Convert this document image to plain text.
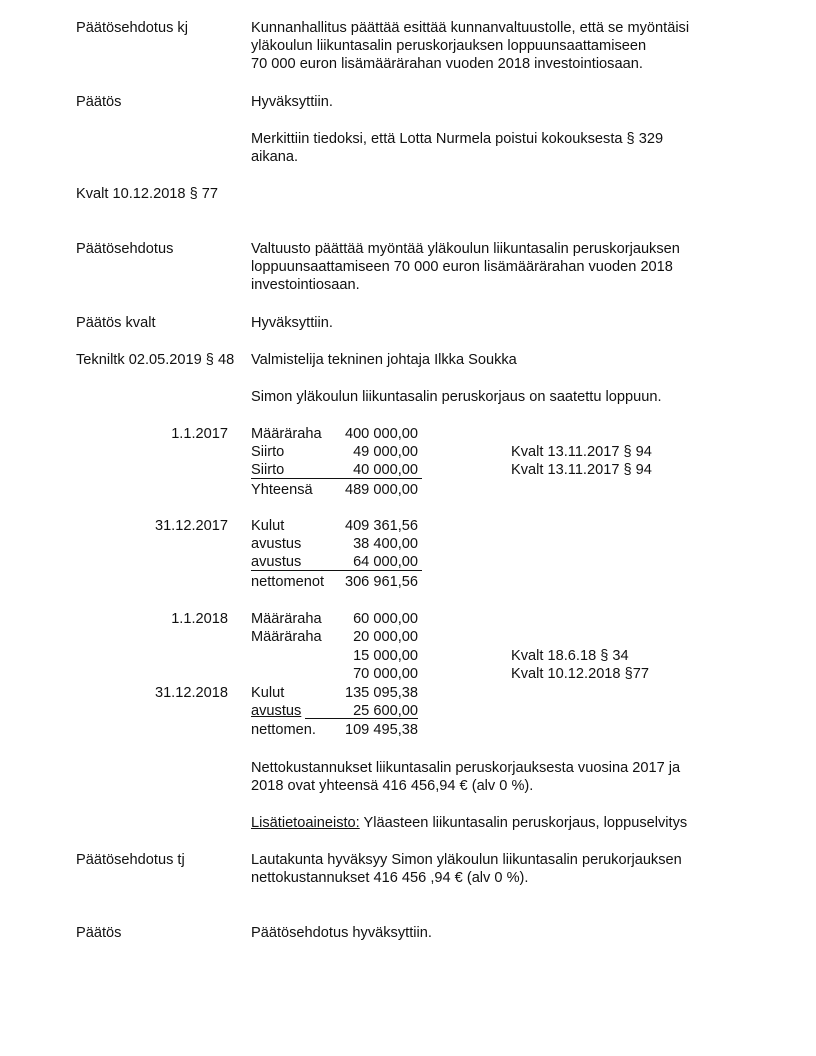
Päätösehdotus kj	Kunnanhallitus päättää esittää kunnanvaltuustolle, että se myöntäisi
yläkoulun liikuntasalin peruskorjauksen loppuunsaattamiseen
70 000 euron lisämäärärahan vuoden 2018 investointiosaan.
Päätös	Hyväksyttiin.
Merkittiin tiedoksi, että Lotta Nurmela poistui kokouksesta § 329
aikana.
Kvalt 10.12.2018 § 77
Päätösehdotus	Valtuusto päättää myöntää yläkoulun liikuntasalin peruskorjauksen
loppuunsaattamiseen 70 000 euron lisämäärärahan vuoden 2018
investointiosaan.
Päätös kvalt	Hyväksyttiin.
Tekniltk 02.05.2019 § 48 Valmistelija tekninen johtaja Ilkka Soukka
Simon yläkoulun liikuntasalin peruskorjaus on saatettu loppuun.
1.1.2017 Määräraha	400 000,00
Siirto	49 000,00	Kvalt 13.11.2017 § 94
Siirto	40 000,00	Kvalt 13.11.2017 § 94
Yhteensä	489 000,00
31.12.2017 Kulut	409 361,56
avustus	38 400,00
avustus	64 000,00
nettomenot	306 961,56
1.1.2018 Määräraha	60 000,00
Määräraha	20 000,00
15 000,00	Kvalt 18.6.18 § 34
70 000,00	Kvalt 10.12.2018 §77
31.12.2018 Kulut	135 095,38
avustus	25 600,00
nettomen.	109 495,38
Nettokustannukset liikuntasalin peruskorjauksesta vuosina 2017 ja
2018 ovat yhteensä 416 456,94 € (alv 0 %).
Lisätietoaineisto: Yläasteen liikuntasalin peruskorjaus, loppuselvitys
Päätösehdotus tj	Lautakunta hyväksyy Simon yläkoulun liikuntasalin perukorjauksen
nettokustannukset 416 456 ,94 € (alv 0 %).
Päätös	Päätösehdotus hyväksyttiin.
